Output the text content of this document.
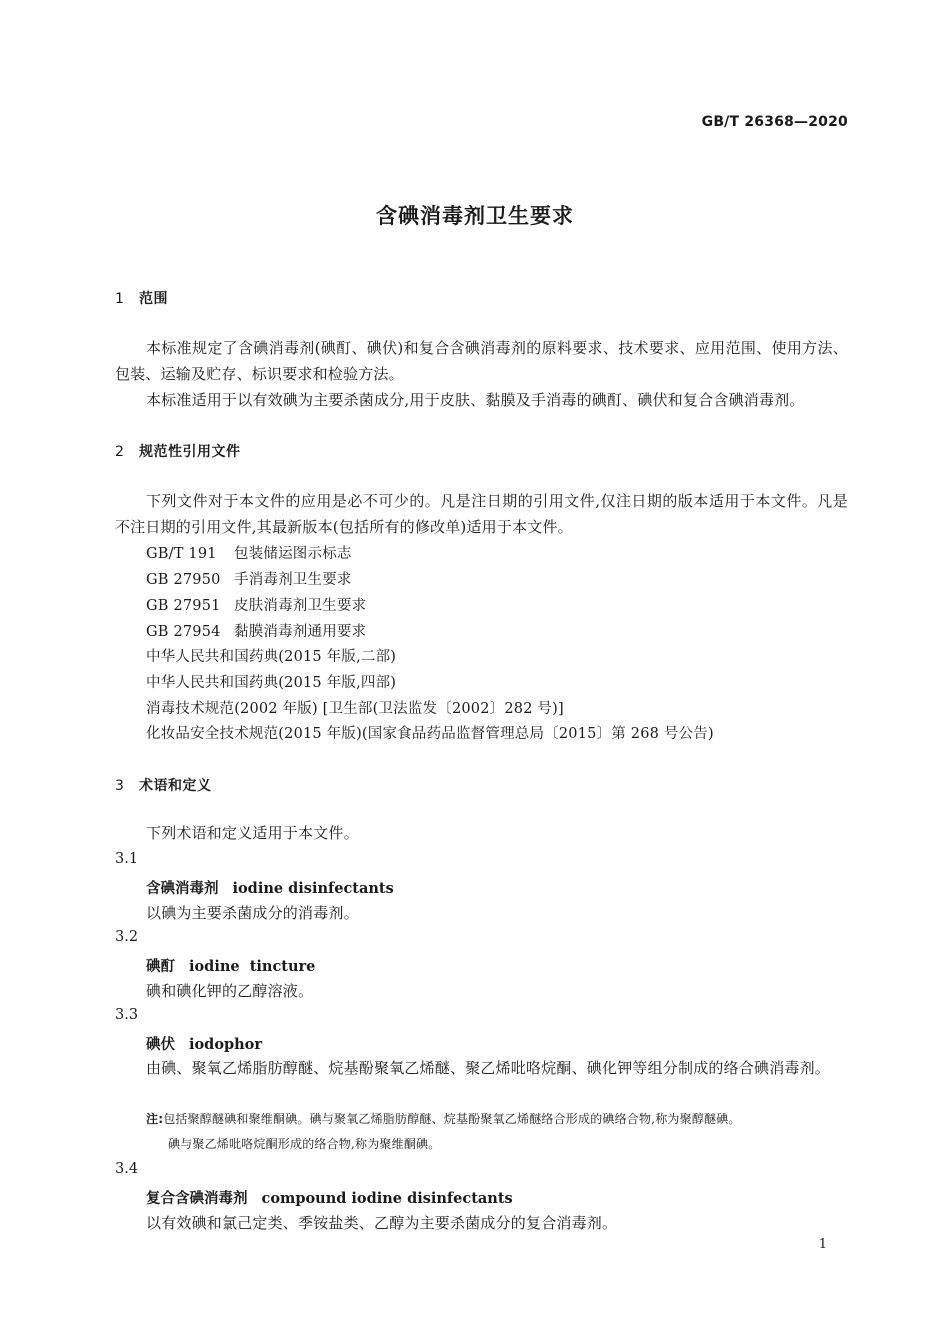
GB/T 26368—2020
含碘消毒剂卫生要求
1 范围

本标准规定了含碘消毒剂(碘酊、碘伏)和复合含碘消毒剂的原料要求、技术要求、应用范围、使用方法、包装、运输及贮存、标识要求和检验方法。

本标准适用于以有效碘为主要杀菌成分,用于皮肤、黏膜及手消毒的碘酊、碘伏和复合含碘消毒剂。

2 规范性引用文件

下列文件对于本文件的应用是必不可少的。凡是注日期的引用文件,仅注日期的版本适用于本文件。凡是不注日期的引用文件,其最新版本(包括所有的修改单)适用于本文件。

GB/T 191 包装储运图示标志
GB 27950 手消毒剂卫生要求
GB 27951 皮肤消毒剂卫生要求
GB 27954 黏膜消毒剂通用要求
中华人民共和国药典(2015 年版,二部)
中华人民共和国药典(2015 年版,四部)
消毒技术规范(2002 年版) [卫生部(卫法监发〔2002〕282 号)]
化妆品安全技术规范(2015 年版)(国家食品药品监督管理总局〔2015〕第 268 号公告)
3 术语和定义

下列术语和定义适用于本文件。

3.1
含碘消毒剂 iodine disinfectants
以碘为主要杀菌成分的消毒剂。
3.2
碘酊 iodine  tincture
碘和碘化钾的乙醇溶液。
3.3
碘伏 iodophor

由碘、聚氧乙烯脂肪醇醚、烷基酚聚氧乙烯醚、聚乙烯吡咯烷酮、碘化钾等组分制成的络合碘消毒剂。

注:包括聚醇醚碘和聚维酮碘。碘与聚氧乙烯脂肪醇醚、烷基酚聚氧乙烯醚络合形成的碘络合物,称为聚醇醚碘。
碘与聚乙烯吡咯烷酮形成的络合物,称为聚维酮碘。
3.4
复合含碘消毒剂 compound iodine disinfectants
以有效碘和氯己定类、季铵盐类、乙醇为主要杀菌成分的复合消毒剂。
1
